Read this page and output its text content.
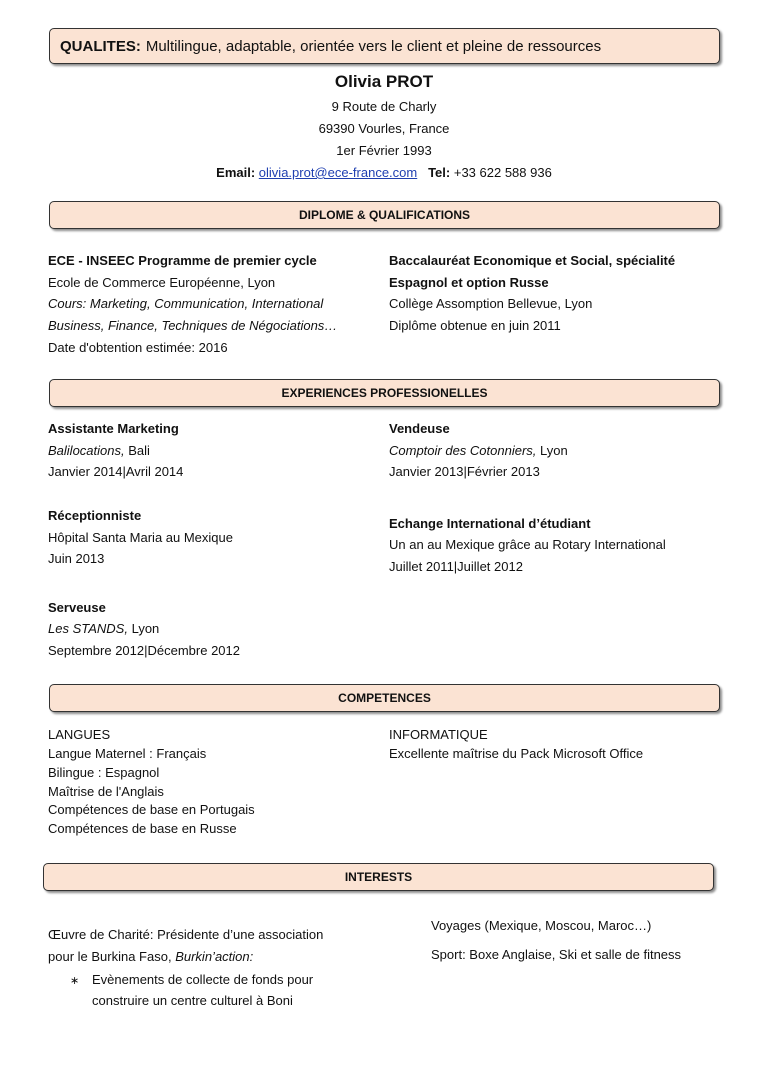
QUALITES: Multilingue, adaptable, orientée vers le client et pleine de ressources
Olivia PROT
9 Route de Charly
69390 Vourles, France
1er Février 1993
Email: olivia.prot@ece-france.com Tel: +33 622 588 936
DIPLOME & QUALIFICATIONS
ECE - INSEEC Programme de premier cycle
Ecole de Commerce Européenne, Lyon
Cours: Marketing, Communication, International
Business, Finance, Techniques de Négociations…
Date d'obtention estimée: 2016
Baccalauréat Economique et Social, spécialité
Espagnol et option Russe
Collège Assomption Bellevue, Lyon
Diplôme obtenue en juin 2011
EXPERIENCES PROFESSIONELLES
Assistante Marketing
Balilocations, Bali
Janvier 2014|Avril 2014
Vendeuse
Comptoir des Cotonniers, Lyon
Janvier 2013|Février 2013
Réceptionniste
Hôpital Santa Maria au Mexique
Juin 2013
Echange International d’étudiant
Un an au Mexique grâce au Rotary International
Juillet 2011|Juillet 2012
Serveuse
Les STANDS, Lyon
Septembre 2012|Décembre 2012
COMPETENCES
LANGUES
Langue Maternel : Français
Bilingue : Espagnol
Maîtrise de l'Anglais
Compétences de base en Portugais
Compétences de base en Russe
INFORMATIQUE
Excellente maîtrise du Pack Microsoft Office
INTERESTS
Œuvre de Charité: Présidente d’une association
pour le Burkina Faso, Burkin’action:
∗ Evènements de collecte de fonds pour
construire un centre culturel à Boni
Voyages (Mexique, Moscou, Maroc…)
Sport: Boxe Anglaise, Ski et salle de fitness
